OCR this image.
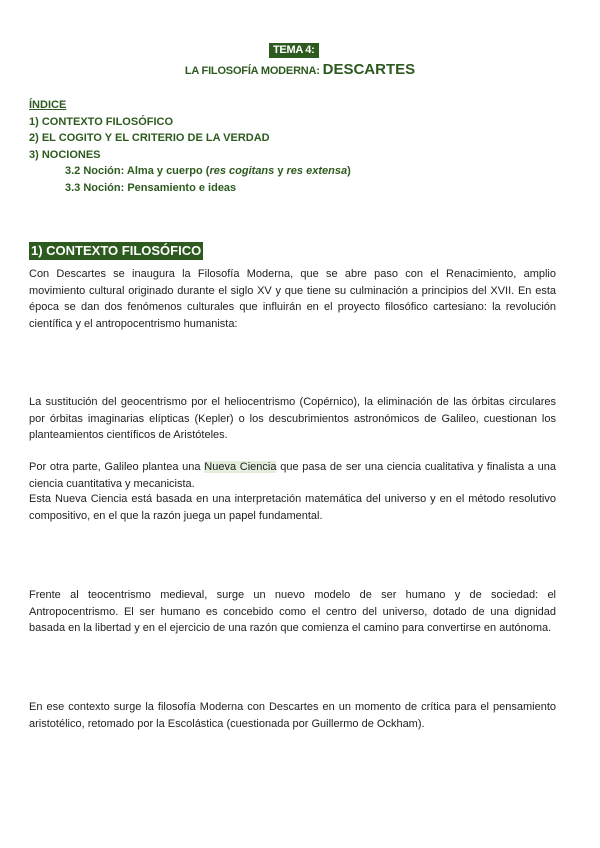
TEMA 4:
LA FILOSOFÍA MODERNA: DESCARTES
ÍNDICE
1) CONTEXTO FILOSÓFICO
2) EL COGITO Y EL CRITERIO DE LA VERDAD
3) NOCIONES
3.2 Noción: Alma y cuerpo (res cogitans y res extensa)
3.3 Noción: Pensamiento e ideas
1) CONTEXTO FILOSÓFICO
Con Descartes se inaugura la Filosofía Moderna, que se abre paso con el Renacimiento, amplio movimiento cultural originado durante el siglo XV y que tiene su culminación a principios del XVII. En esta época se dan dos fenómenos culturales que influirán en el proyecto filosófico cartesiano: la revolución científica y el antropocentrismo humanista:
La sustitución del geocentrismo por el heliocentrismo (Copérnico), la eliminación de las órbitas circulares por órbitas imaginarias elípticas (Kepler) o los descubrimientos astronómicos de Galileo, cuestionan los planteamientos científicos de Aristóteles.
Por otra parte, Galileo plantea una Nueva Ciencia que pasa de ser una ciencia cualitativa y finalista a una ciencia cuantitativa y mecanicista.
Esta Nueva Ciencia está basada en una interpretación matemática del universo y en el método resolutivo compositivo, en el que la razón juega un papel fundamental.
Frente al teocentrismo medieval, surge un nuevo modelo de ser humano y de sociedad: el Antropocentrismo. El ser humano es concebido como el centro del universo, dotado de una dignidad basada en la libertad y en el ejercicio de una razón que comienza el camino para convertirse en autónoma.
En ese contexto surge la filosofía Moderna con Descartes en un momento de crítica para el pensamiento aristotélico, retomado por la Escolástica (cuestionada por Guillermo de Ockham).
